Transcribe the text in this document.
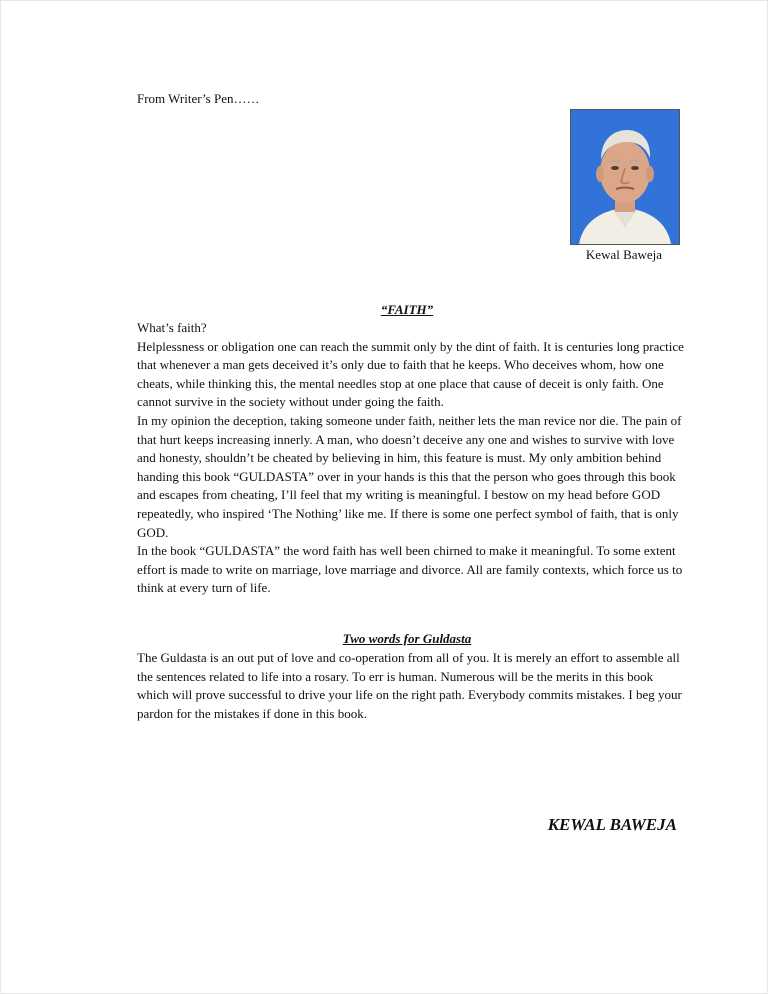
From Writer’s Pen……
Kewal Baweja
“FAITH”

What’s faith?

Helplessness or obligation one can reach the summit only by the dint of faith. It is centuries long practice that whenever a man gets deceived it’s only due to faith that he keeps. Who deceives whom, how one cheats, while thinking this, the mental needles stop at one place that cause of deceit is only faith. One cannot survive in the society without under going the faith.

In my opinion the deception, taking someone under faith, neither lets the man revice nor die. The pain of that hurt keeps increasing innerly. A man, who doesn’t deceive any one and wishes to survive with love and honesty, shouldn’t be cheated by believing in him, this feature is must. My only ambition behind handing this book “GULDASTA” over in your hands is this that the person who goes through this book and escapes from cheating, I’ll feel that my writing is meaningful. I bestow on my head before GOD repeatedly, who inspired ‘The Nothing’ like me. If there is some one perfect symbol of faith, that is only GOD.

In the book “GULDASTA” the word faith has well been chirned to make it meaningful. To some extent effort is made to write on marriage, love marriage and divorce. All are family contexts, which force us to think at every turn of life.

Two words for Guldasta

The Guldasta is an out put of love and co-operation from all of you. It is merely an effort to assemble all the sentences related to life into a rosary. To err is human. Numerous will be the merits in this book which will prove successful to drive your life on the right path. Everybody commits mistakes. I beg your pardon for the mistakes if done in this book.

KEWAL BAWEJA
